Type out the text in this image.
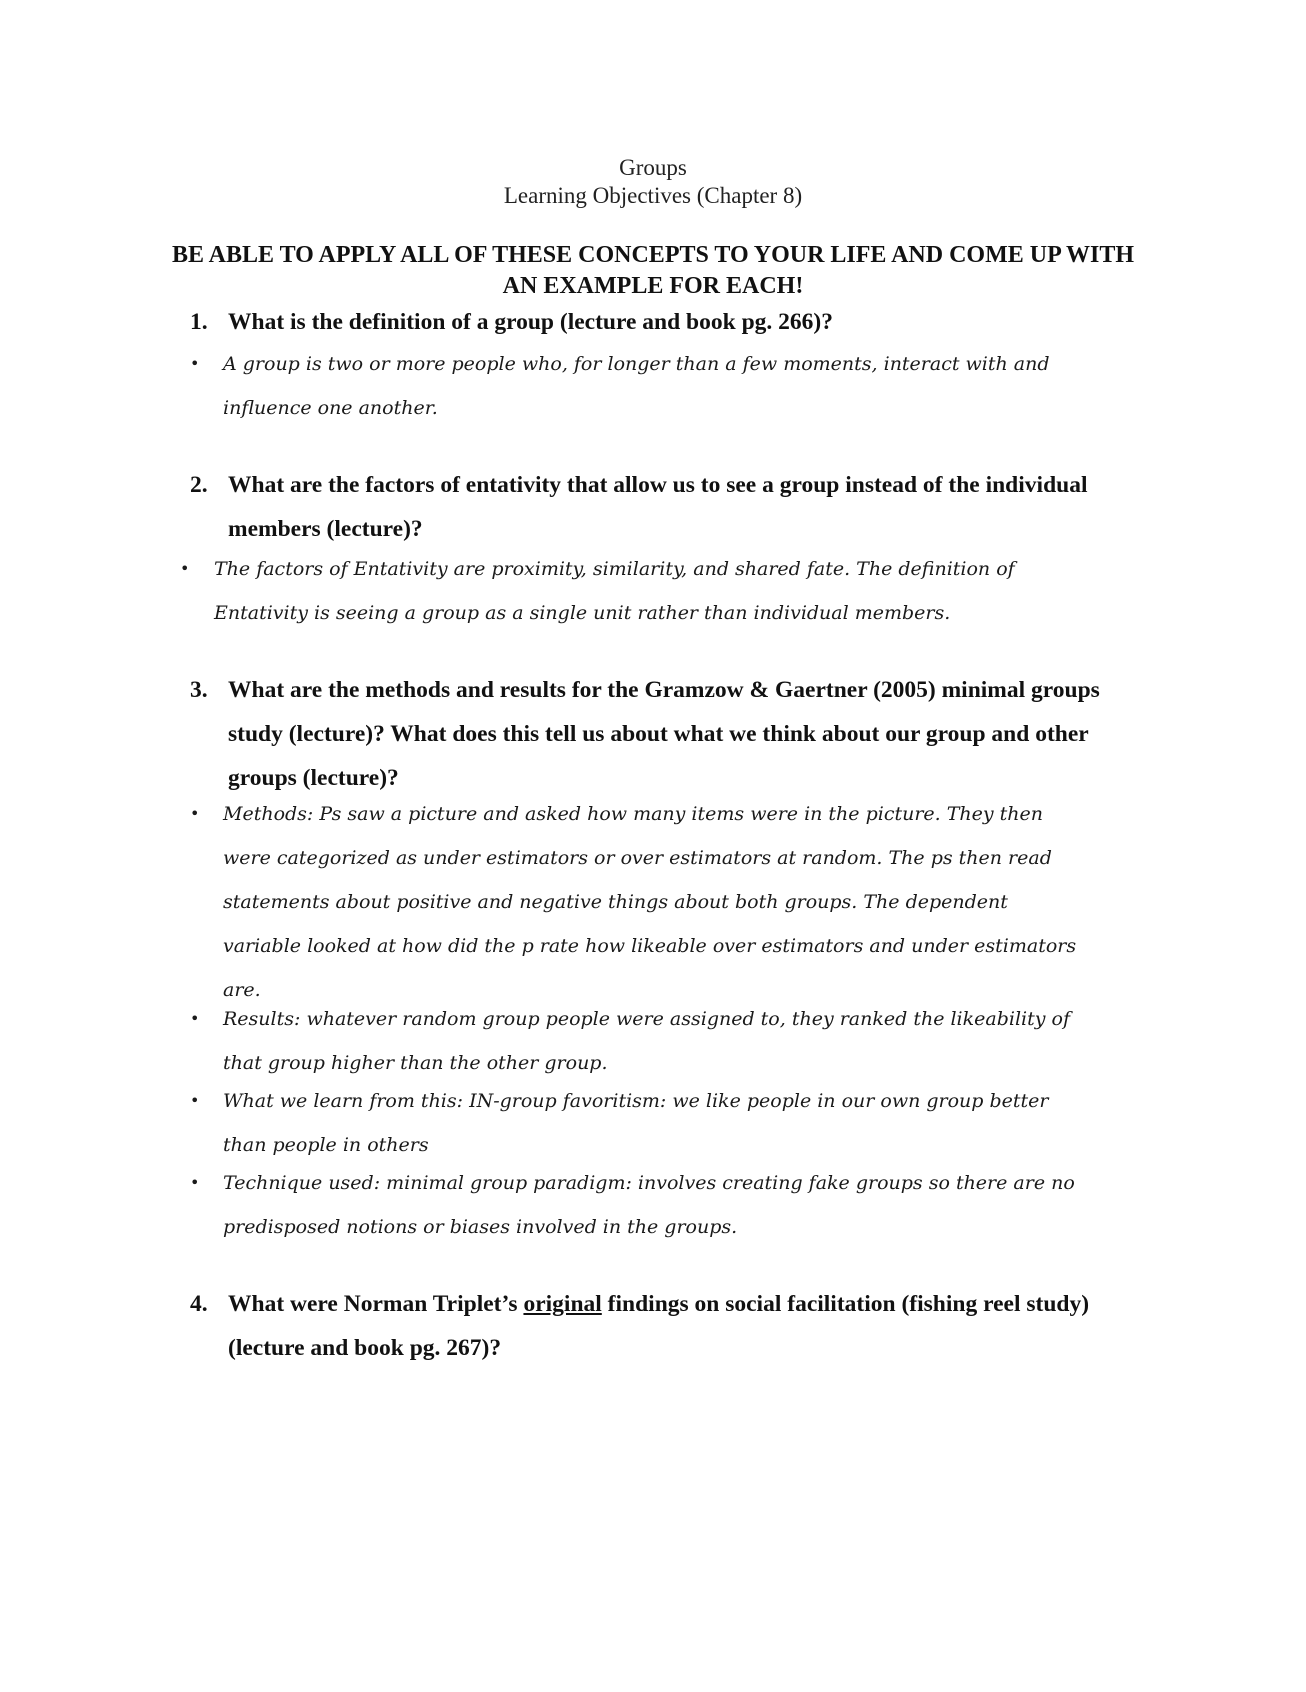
Groups
Learning Objectives (Chapter 8)
BE ABLE TO APPLY ALL OF THESE CONCEPTS TO YOUR LIFE AND COME UP WITH AN EXAMPLE FOR EACH!
1. What is the definition of a group (lecture and book pg. 266)?
•	A group is two or more people who, for longer than a few moments, interact with and influence one another.
2. What are the factors of entativity that allow us to see a group instead of the individual members (lecture)?
•	The factors of Entativity are proximity, similarity, and shared fate. The definition of Entativity is seeing a group as a single unit rather than individual members.
3. What are the methods and results for the Gramzow & Gaertner (2005) minimal groups study (lecture)? What does this tell us about what we think about our group and other groups (lecture)?
•	Methods: Ps saw a picture and asked how many items were in the picture. They then were categorized as under estimators or over estimators at random. The ps then read statements about positive and negative things about both groups. The dependent variable looked at how did the p rate how likeable over estimators and under estimators are.
•	Results: whatever random group people were assigned to, they ranked the likeability of that group higher than the other group.
•	What we learn from this: IN-group favoritism: we like people in our own group better than people in others
•	Technique used: minimal group paradigm: involves creating fake groups so there are no predisposed notions or biases involved in the groups.
4. What were Norman Triplet’s original findings on social facilitation (fishing reel study) (lecture and book pg. 267)?
